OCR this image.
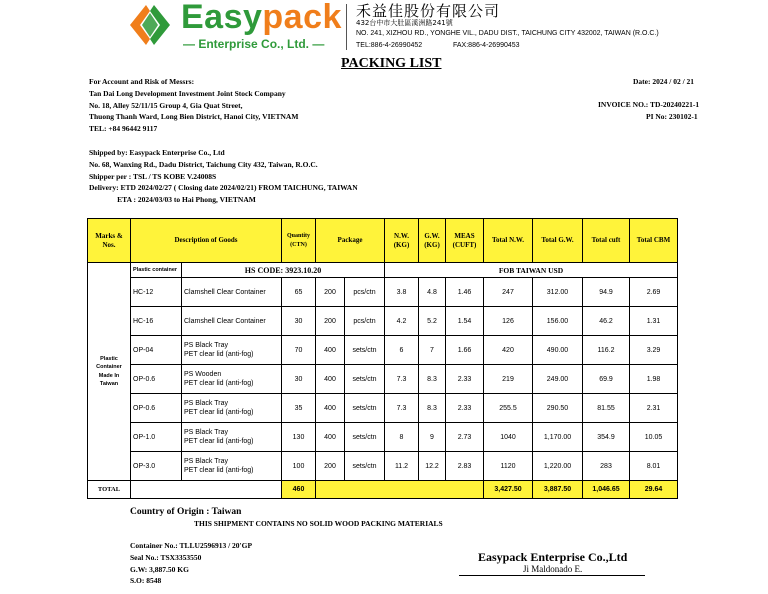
Easypack
— Enterprise Co., Ltd. —
禾益佳股份有限公司
432台中市大肚區溪洲路241號
NO. 241, XIZHOU RD., YONGHE VIL., DADU DIST., TAICHUNG CITY 432002, TAIWAN (R.O.C.)
TEL:886-4-26990452	FAX:886-4-26990453
PACKING LIST
For Account and Risk of Messrs:
Tan Dai Long Development Investment Joint Stock Company
No. 18, Alley 52/11/15 Group 4, Gia Quat Street,
Thuong Thanh Ward, Long Bien District, Hanoi City, VIETNAM
TEL: +84 96442 9117
Date: 2024 / 02 / 21
INVOICE NO.: TD-20240221-1
PI No: 230102-1
Shipped by: Easypack Enterprise Co., Ltd
No. 68, Wanxing Rd., Dadu District, Taichung City 432, Taiwan, R.O.C.
Shipper per : TSL / TS KOBE V.24008S
Delivery: ETD 2024/02/27 ( Closing date 2024/02/21) FROM TAICHUNG, TAIWAN
ETA : 2024/03/03 to Hai Phong, VIETNAM
Marks & Nos.	Description of Goods		Quantity (CTN)	Package		N.W. (KG)	G.W. (KG)	MEAS (CUFT)	Total N.W.	Total G.W.	Total cuft	Total CBM
Plastic Container Made In Taiwan	Plastic container	HS CODE: 3923.10.20				FOB TAIWAN USD						
	HC-12	Clamshell Clear Container	65	200	pcs/ctn	3.8	4.8	1.46	247	312.00	94.9	2.69
	HC-16	Clamshell Clear Container	30	200	pcs/ctn	4.2	5.2	1.54	126	156.00	46.2	1.31
	OP-04	PS Black Tray
PET clear lid (anti-fog)	70	400	sets/ctn	6	7	1.66	420	490.00	116.2	3.29
	OP-0.6	PS Wooden
PET clear lid (anti-fog)	30	400	sets/ctn	7.3	8.3	2.33	219	249.00	69.9	1.98
	OP-0.6	PS Black Tray
PET clear lid (anti-fog)	35	400	sets/ctn	7.3	8.3	2.33	255.5	290.50	81.55	2.31
	OP-1.0	PS Black Tray
PET clear lid (anti-fog)	130	400	sets/ctn	8	9	2.73	1040	1,170.00	354.9	10.05
	OP-3.0	PS Black Tray
PET clear lid (anti-fog)	100	200	sets/ctn	11.2	12.2	2.83	1120	1,220.00	283	8.01
TOTAL			460						3,427.50	3,887.50	1,046.65	29.64
Country of Origin : Taiwan
THIS SHIPMENT CONTAINS NO SOLID WOOD PACKING MATERIALS
Container No.: TLLU2596913 / 20'GP
Seal No.: TSX3353550
G.W: 3,887.50 KG
S.O: 8548
Easypack Enterprise Co.,Ltd
Ji Maldonado E.
